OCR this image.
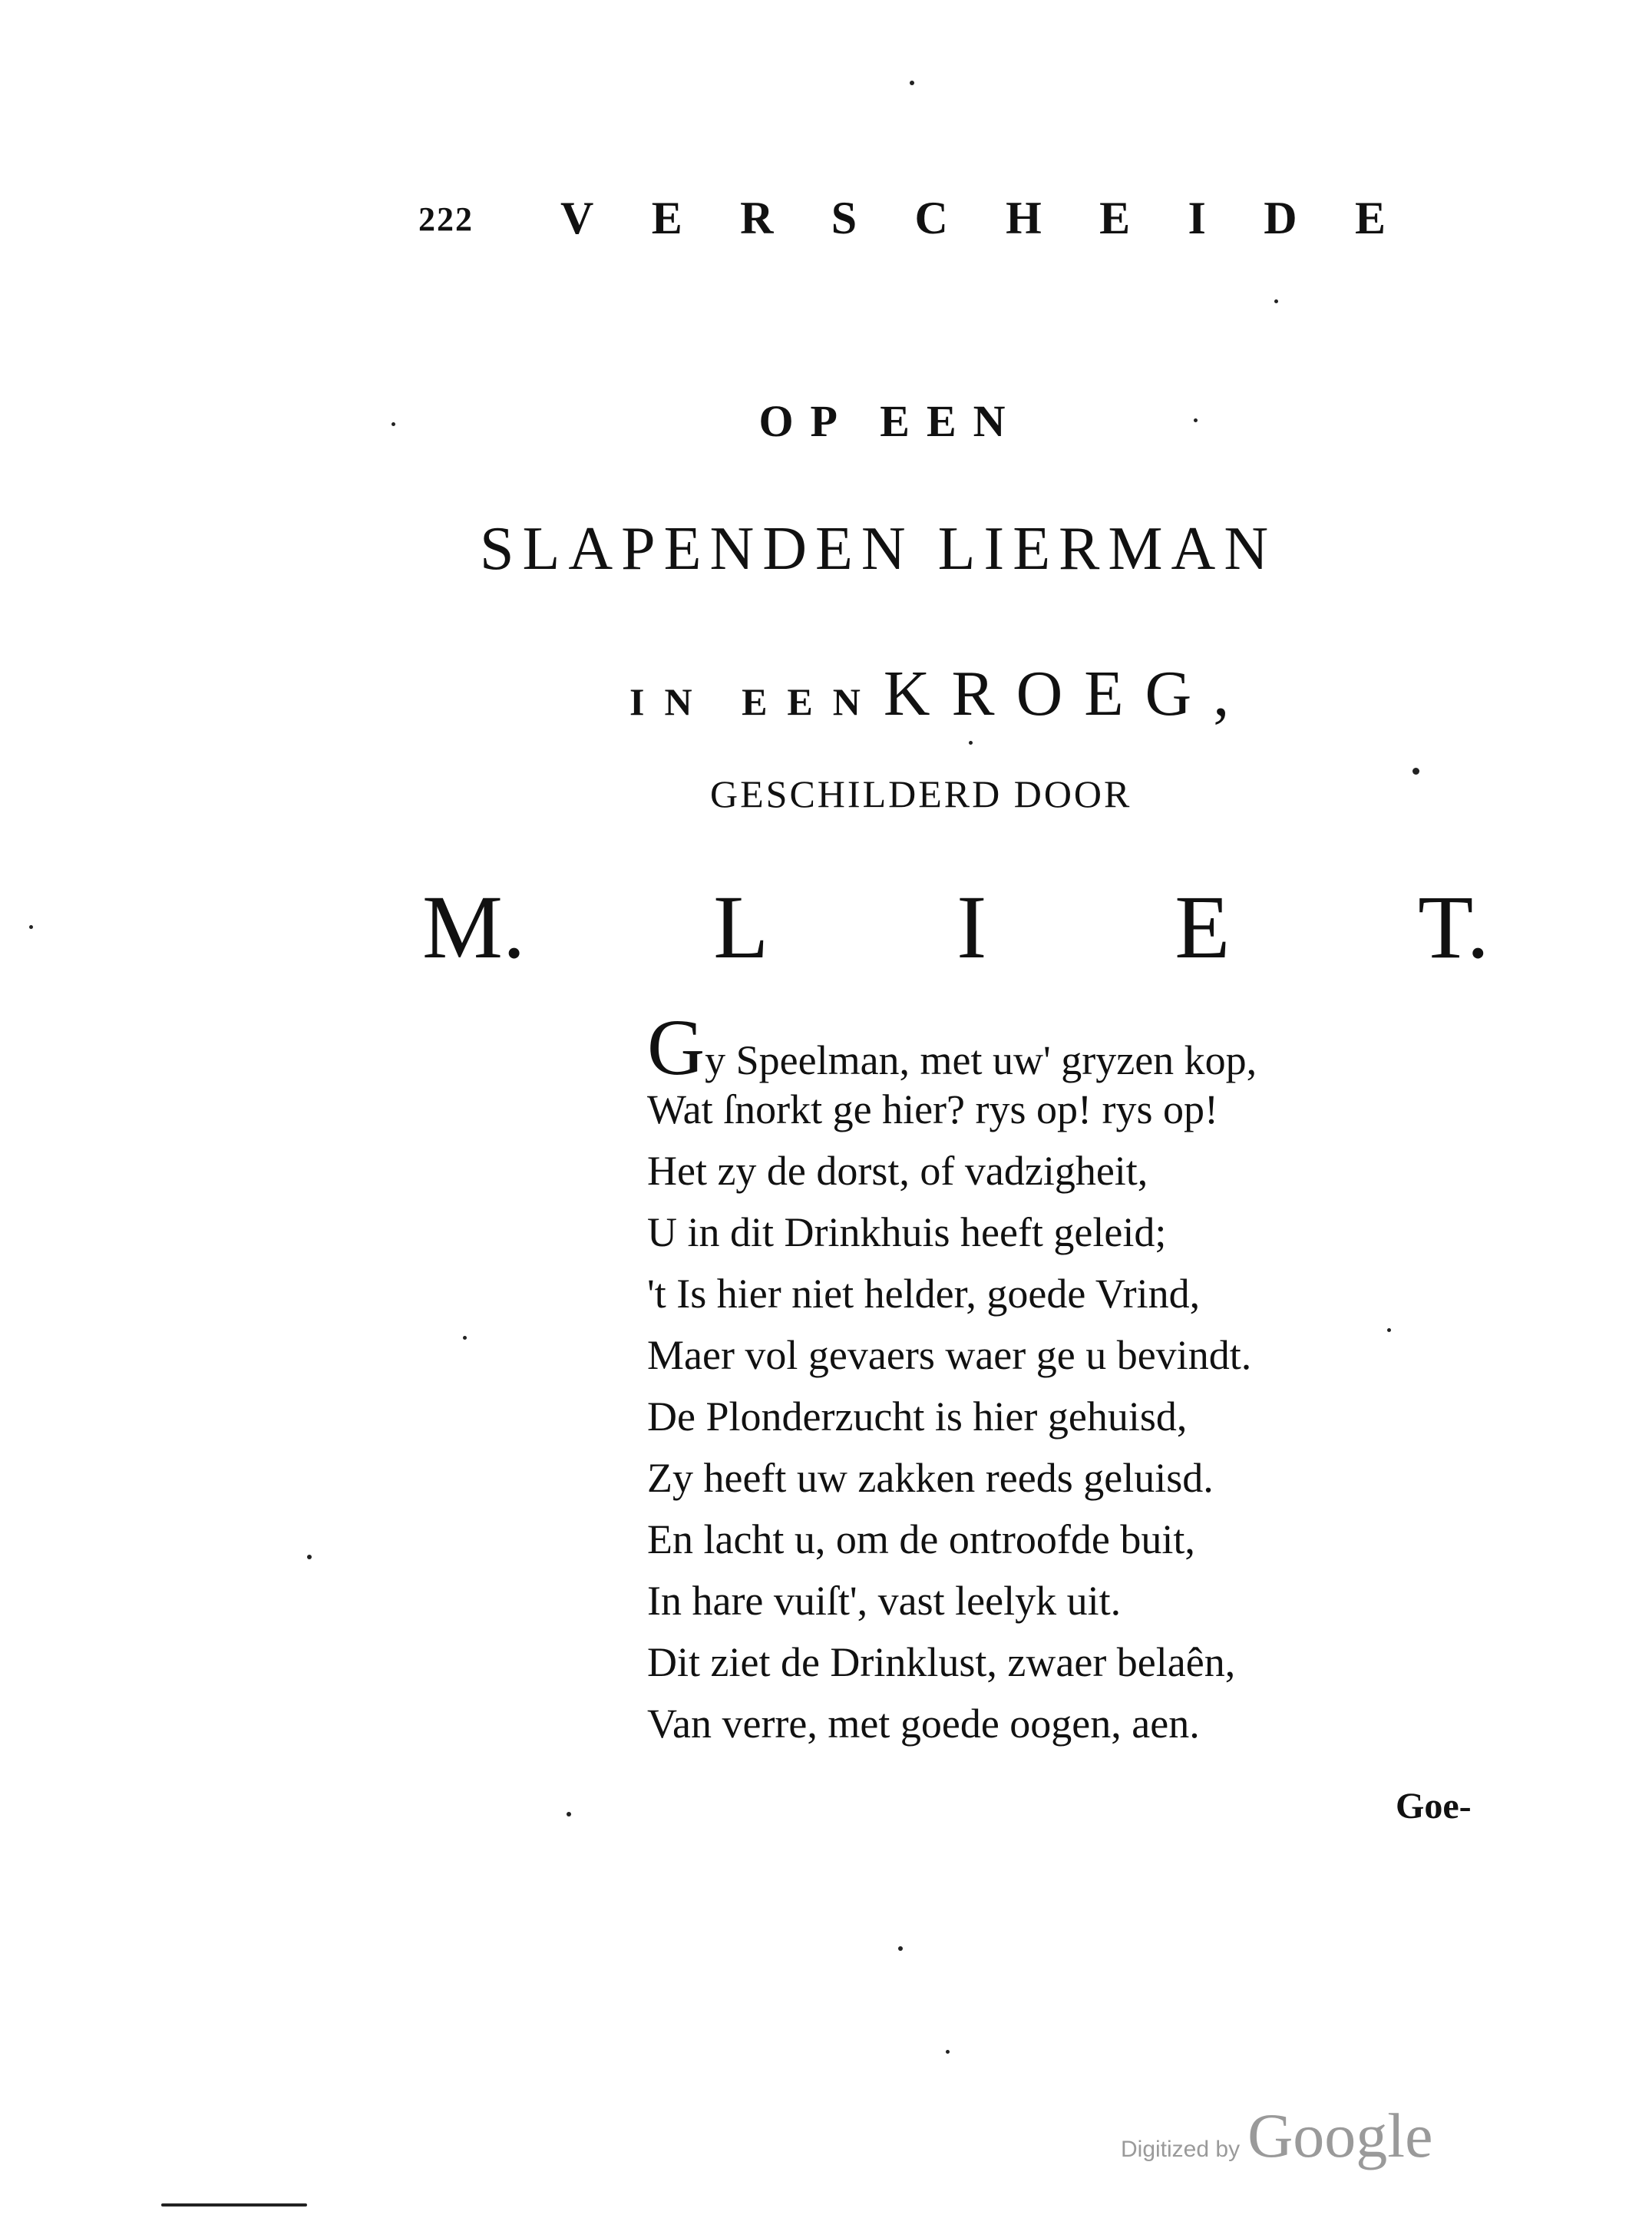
222 V E R S C H E I D E
OP EEN
SLAPENDEN LIERMAN
IN EEN KROEG,
GESCHILDERD DOOR
M. L I E T.
Gy Speelman, met uw' gryzen kop,
Wat ſnorkt ge hier? rys op! rys op!
Het zy de dorst, of vadzigheit,
U in dit Drinkhuis heeft geleid;
't Is hier niet helder, goede Vrind,
Maer vol gevaers waer ge u bevindt.
De Plonderzucht is hier gehuisd,
Zy heeft uw zakken reeds geluisd.
En lacht u, om de ontroofde buit,
In hare vuiſt', vast leelyk uit.
Dit ziet de Drinklust, zwaer belaên,
Van verre, met goede oogen, aen.
Goe-
Digitized by Google
